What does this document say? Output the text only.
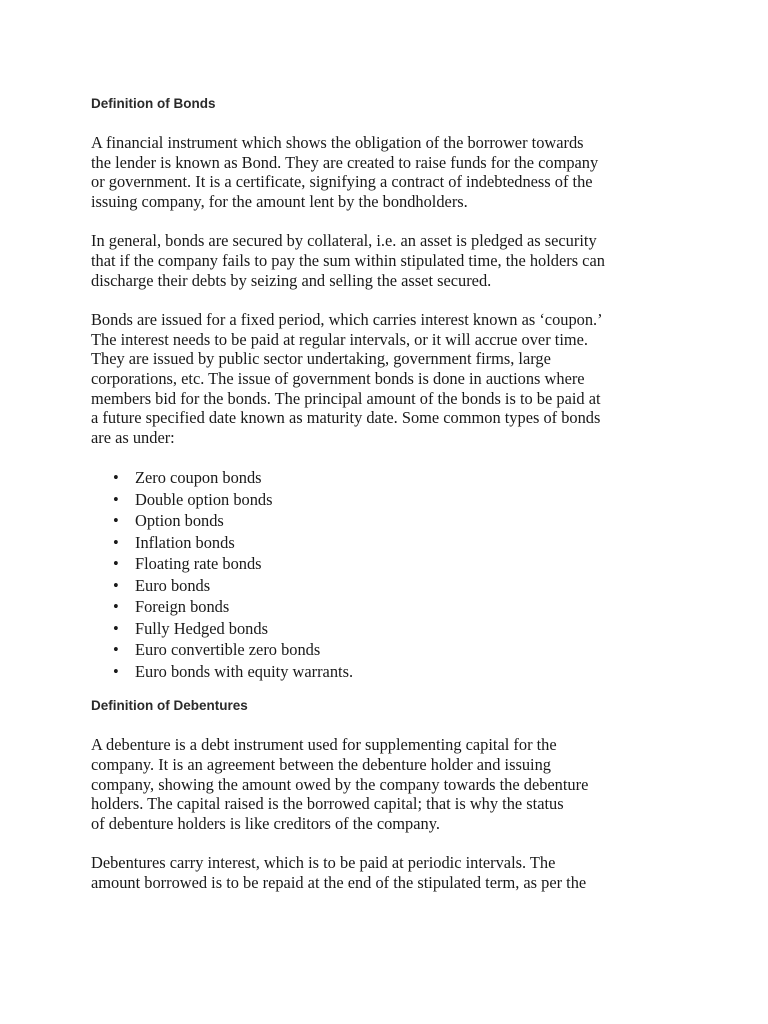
Definition of Bonds

A financial instrument which shows the obligation of the borrower towards
the lender is known as Bond. They are created to raise funds for the company
or government. It is a certificate, signifying a contract of indebtedness of the
issuing company, for the amount lent by the bondholders.

In general, bonds are secured by collateral, i.e. an asset is pledged as security
that if the company fails to pay the sum within stipulated time, the holders can
discharge their debts by seizing and selling the asset secured.

Bonds are issued for a fixed period, which carries interest known as ‘coupon.’
The interest needs to be paid at regular intervals, or it will accrue over time.
They are issued by public sector undertaking, government firms, large
corporations, etc. The issue of government bonds is done in auctions where
members bid for the bonds. The principal amount of the bonds is to be paid at
a future specified date known as maturity date. Some common types of bonds
are as under:

• Zero coupon bonds
• Double option bonds
• Option bonds
• Inflation bonds
• Floating rate bonds
• Euro bonds
• Foreign bonds
• Fully Hedged bonds
• Euro convertible zero bonds
• Euro bonds with equity warrants.
Definition of Debentures

A debenture is a debt instrument used for supplementing capital for the
company. It is an agreement between the debenture holder and issuing
company, showing the amount owed by the company towards the debenture
holders. The capital raised is the borrowed capital; that is why the status
of debenture holders is like creditors of the company.

Debentures carry interest, which is to be paid at periodic intervals. The
amount borrowed is to be repaid at the end of the stipulated term, as per the
